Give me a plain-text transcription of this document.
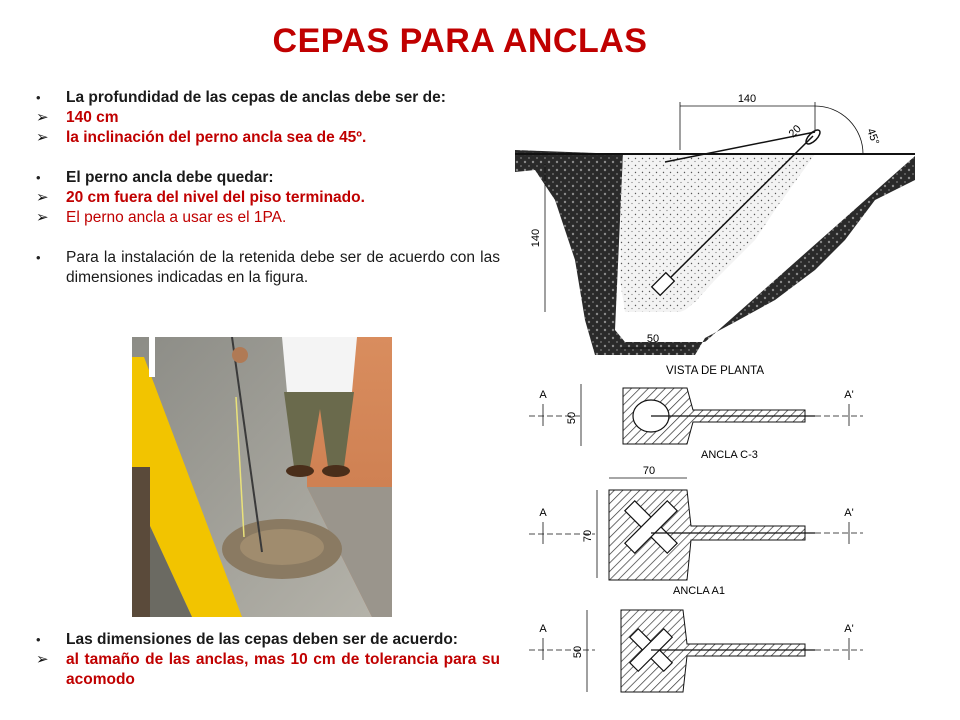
CEPAS PARA ANCLAS
•	La profundidad de las cepas de anclas debe ser de:
➢	140 cm
➢	la inclinación del perno ancla sea de 45º.
•	El perno ancla debe quedar:
➢	20 cm fuera del nivel del piso terminado.
➢	El perno ancla a usar es el 1PA.
•	Para la instalación de la retenida debe ser de acuerdo con las dimensiones indicadas en la figura.
•	Las dimensiones de las cepas deben ser de acuerdo:
➢	al tamaño de las anclas, mas 10 cm de tolerancia para su acomodo
140
45°
20
140
50
VISTA DE PLANTA
A
50
A'
ANCLA C-3
70
A
70
A'
ANCLA A1
A
50
A'
